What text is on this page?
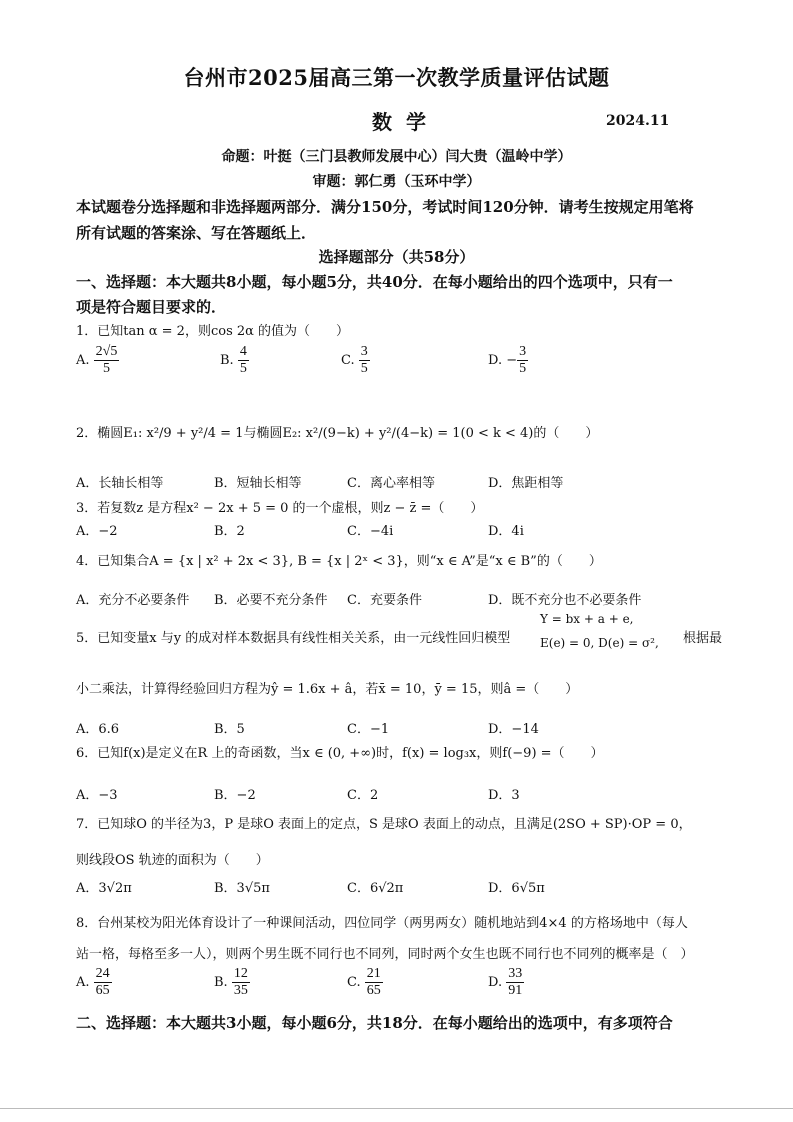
台州市2025届高三第一次教学质量评估试题
数学	2024.11
命题：叶挺（三门县教师发展中心）闫大贵（温岭中学）
审题：郭仁勇（玉环中学）
本试题卷分选择题和非选择题两部分．满分150分，考试时间120分钟．请考生按规定用笔将
所有试题的答案涂、写在答题纸上．
选择题部分（共58分）
一、选择题：本大题共8小题，每小题5分，共40分．在每小题给出的四个选项中，只有一
项是符合题目要求的．
1．已知tan α = 2，则cos 2α 的值为（　　）
A. $\frac{2√5}{5}$	B. $\frac{4}{5}$	C. $\frac{3}{5}$	D. − $\frac{3}{5}$
2．椭圆E₁: x²/9 + y²/4 = 1与椭圆E₂: x²/(9−k) + y²/(4−k) = 1(0 < k < 4)的（　　）
A．长轴长相等	B．短轴长相等	C．离心率相等	D．焦距相等
3．若复数z 是方程x² − 2x + 5 = 0 的一个虚根，则z − z̄ =（　　）
A．−2	B．2	C．−4i	D．4i
4．已知集合A = {x | x² + 2x < 3}, B = {x | 2ˣ < 3}，则“x ∈ A”是“x ∈ B”的（　　）
A．充分不必要条件 B．必要不充分条件 C．充要条件	D．既不充分也不必要条件
5．已知变量x 与y 的成对样本数据具有线性相关关系，由一元线性回归模型
Y = bx + a + e,
E(e) = 0, D(e) = σ², 根据最
小二乘法，计算得经验回归方程为ŷ = 1.6x + â，若x̄ = 10，ȳ = 15，则â =（　　）
A．6.6	B．5	C．−1	D．−14
6．已知f(x)是定义在R 上的奇函数，当x ∈ (0, +∞)时，f(x) = log₃x，则f(−9) =（　　）
A．−3	B．−2	C．2	D．3
7．已知球O 的半径为3，P 是球O 表面上的定点，S 是球O 表面上的动点，且满足(2SO + SP)·OP = 0，
则线段OS 轨迹的面积为（　　）
A．3√2π	B．3√5π	C．6√2π	D．6√5π
8．台州某校为阳光体育设计了一种课间活动，四位同学（两男两女）随机地站到4×4 的方格场地中（每人
站一格，每格至多一人），则两个男生既不同行也不同列，同时两个女生也既不同行也不同列的概率是（　）
A. $\frac{24}{65}$	B. $\frac{12}{35}$	C. $\frac{21}{65}$	D. $\frac{33}{91}$
二、选择题：本大题共3小题，每小题6分，共18分．在每小题给出的选项中，有多项符合
